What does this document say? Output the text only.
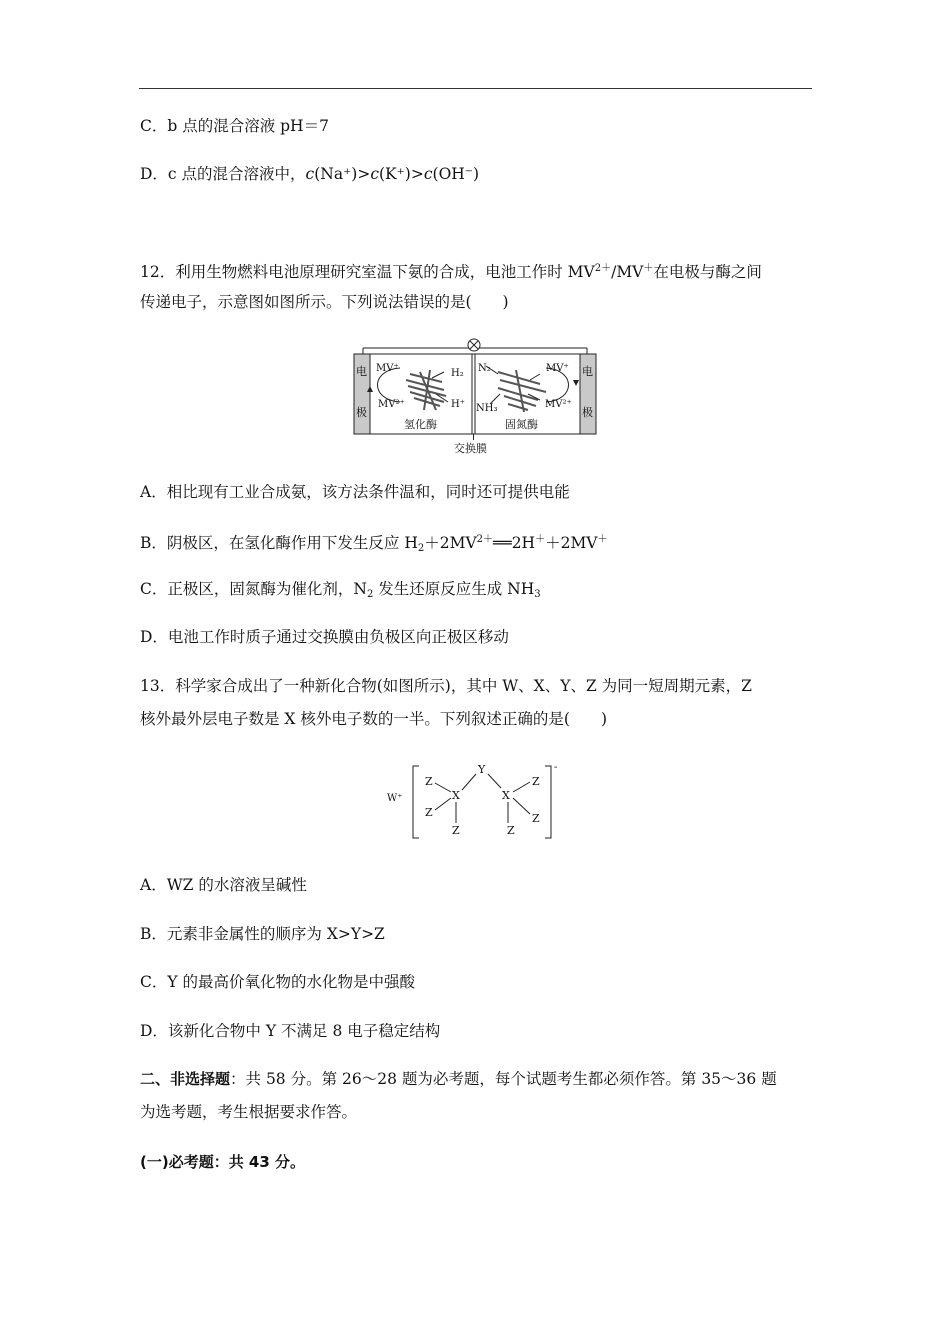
C．b 点的混合溶液 pH＝7
D．c 点的混合溶液中，c(Na⁺)>c(K⁺)>c(OH⁻)
12．利用生物燃料电池原理研究室温下氨的合成，电池工作时 $MV^{2+}/MV^+$在电极与酶之间
传递电子，示意图如图所示。下列说法错误的是(　　)
电
极
电
极
MV⁺
MV²⁺
H₂
H⁺
N₂
NH₃
MV⁺
MV²⁺
氢化酶	固氮酶
交换膜
A．相比现有工业合成氨，该方法条件温和，同时还可提供电能
B．阴极区，在氢化酶作用下发生反应 $H_2+2MV^{2+}══2H^++2MV^+$
C．正极区，固氮酶为催化剂，$N_2$ 发生还原反应生成 $NH_3$
D．电池工作时质子通过交换膜由负极区向正极区移动
13．科学家合成出了一种新化合物(如图所示)，其中 W、X、Y、Z 为同一短周期元素，Z
核外最外层电子数是 X 核外电子数的一半。下列叙述正确的是(　　)
W⁺
-
Z
Z
X
Z
Y
X
Z
Z
Z
A．WZ 的水溶液呈碱性
B．元素非金属性的顺序为 X>Y>Z
C．Y 的最高价氧化物的水化物是中强酸
D．该新化合物中 Y 不满足 8 电子稳定结构
二、非选择题：共 58 分。第 26～28 题为必考题，每个试题考生都必须作答。第 35～36 题
为选考题，考生根据要求作答。
(一)必考题：共 43 分。
